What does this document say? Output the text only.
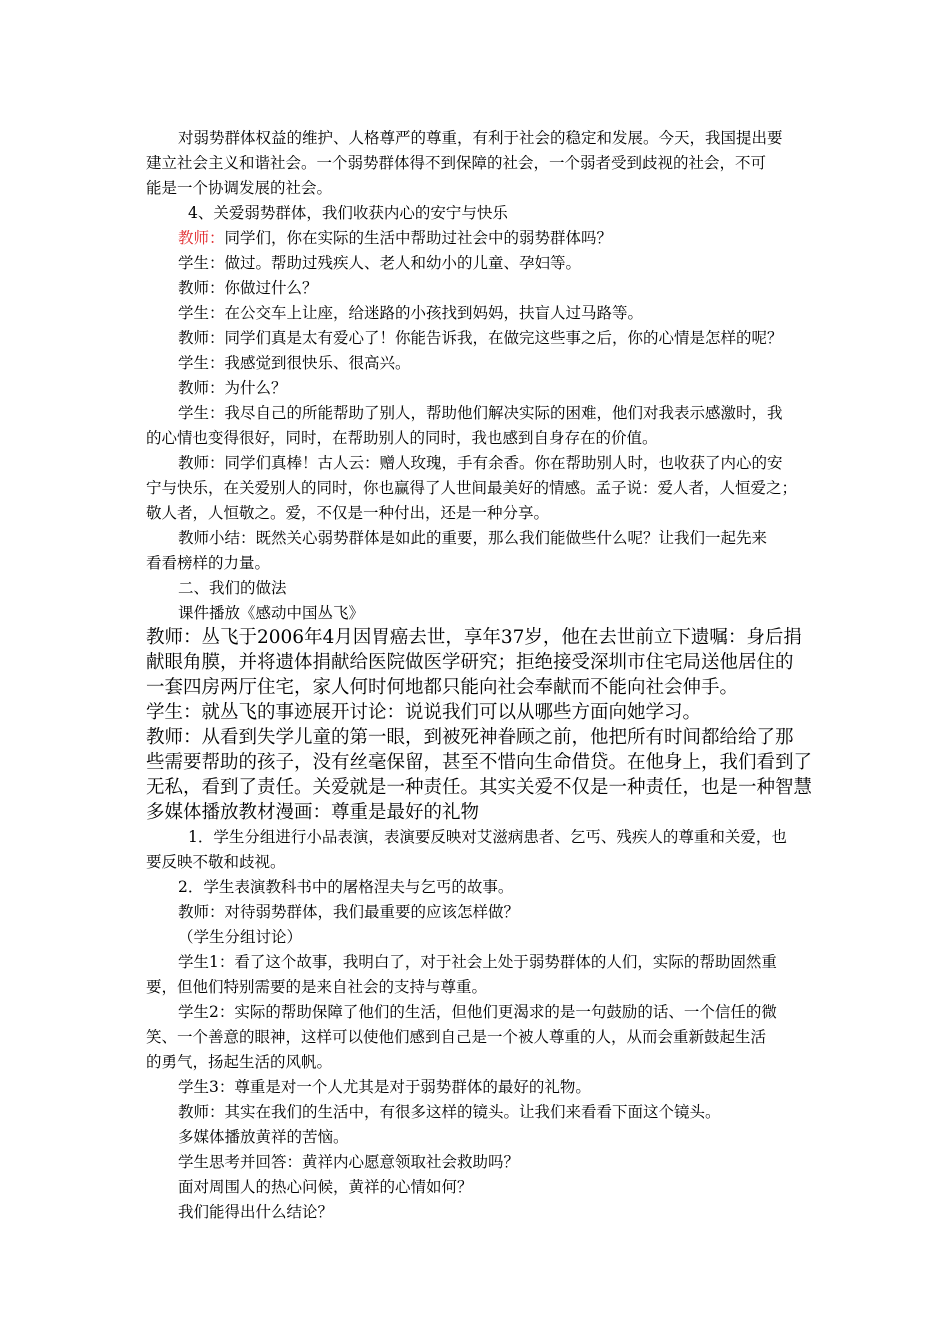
对弱势群体权益的维护、人格尊严的尊重，有利于社会的稳定和发展。今天，我国提出要
建立社会主义和谐社会。一个弱势群体得不到保障的社会，一个弱者受到歧视的社会，不可
能是一个协调发展的社会。
4、关爱弱势群体，我们收获内心的安宁与快乐
教师：同学们，你在实际的生活中帮助过社会中的弱势群体吗？
学生：做过。帮助过残疾人、老人和幼小的儿童、孕妇等。
教师：你做过什么？
学生：在公交车上让座，给迷路的小孩找到妈妈，扶盲人过马路等。
教师：同学们真是太有爱心了！你能告诉我，在做完这些事之后，你的心情是怎样的呢？
学生：我感觉到很快乐、很高兴。
教师：为什么？
学生：我尽自己的所能帮助了别人，帮助他们解决实际的困难，他们对我表示感激时，我
的心情也变得很好，同时，在帮助别人的同时，我也感到自身存在的价值。
教师：同学们真棒！古人云：赠人玫瑰，手有余香。你在帮助别人时，也收获了内心的安
宁与快乐，在关爱别人的同时，你也赢得了人世间最美好的情感。孟子说：爱人者，人恒爱之；
敬人者，人恒敬之。爱，不仅是一种付出，还是一种分享。
教师小结：既然关心弱势群体是如此的重要，那么我们能做些什么呢？让我们一起先来
看看榜样的力量。
二、我们的做法
课件播放《感动中国丛飞》
教师：丛飞于2006年4月因胃癌去世，享年37岁，他在去世前立下遗嘱：身后捐
献眼角膜，并将遗体捐献给医院做医学研究；拒绝接受深圳市住宅局送他居住的
一套四房两厅住宅，家人何时何地都只能向社会奉献而不能向社会伸手。
学生：就丛飞的事迹展开讨论：说说我们可以从哪些方面向她学习。
教师：从看到失学儿童的第一眼，到被死神眷顾之前，他把所有时间都给给了那
些需要帮助的孩子，没有丝毫保留，甚至不惜向生命借贷。在他身上，我们看到了
无私，看到了责任。关爱就是一种责任。其实关爱不仅是一种责任，也是一种智慧
多媒体播放教材漫画：尊重是最好的礼物
1．学生分组进行小品表演，表演要反映对艾滋病患者、乞丐、残疾人的尊重和关爱，也
要反映不敬和歧视。
2．学生表演教科书中的屠格涅夫与乞丐的故事。
教师：对待弱势群体，我们最重要的应该怎样做？
（学生分组讨论）
学生1：看了这个故事，我明白了，对于社会上处于弱势群体的人们，实际的帮助固然重
要，但他们特别需要的是来自社会的支持与尊重。
学生2：实际的帮助保障了他们的生活，但他们更渴求的是一句鼓励的话、一个信任的微
笑、一个善意的眼神，这样可以使他们感到自己是一个被人尊重的人，从而会重新鼓起生活
的勇气，扬起生活的风帆。
学生3：尊重是对一个人尤其是对于弱势群体的最好的礼物。
教师：其实在我们的生活中，有很多这样的镜头。让我们来看看下面这个镜头。
多媒体播放黄祥的苦恼。
学生思考并回答：黄祥内心愿意领取社会救助吗？
面对周围人的热心问候，黄祥的心情如何？
我们能得出什么结论？
